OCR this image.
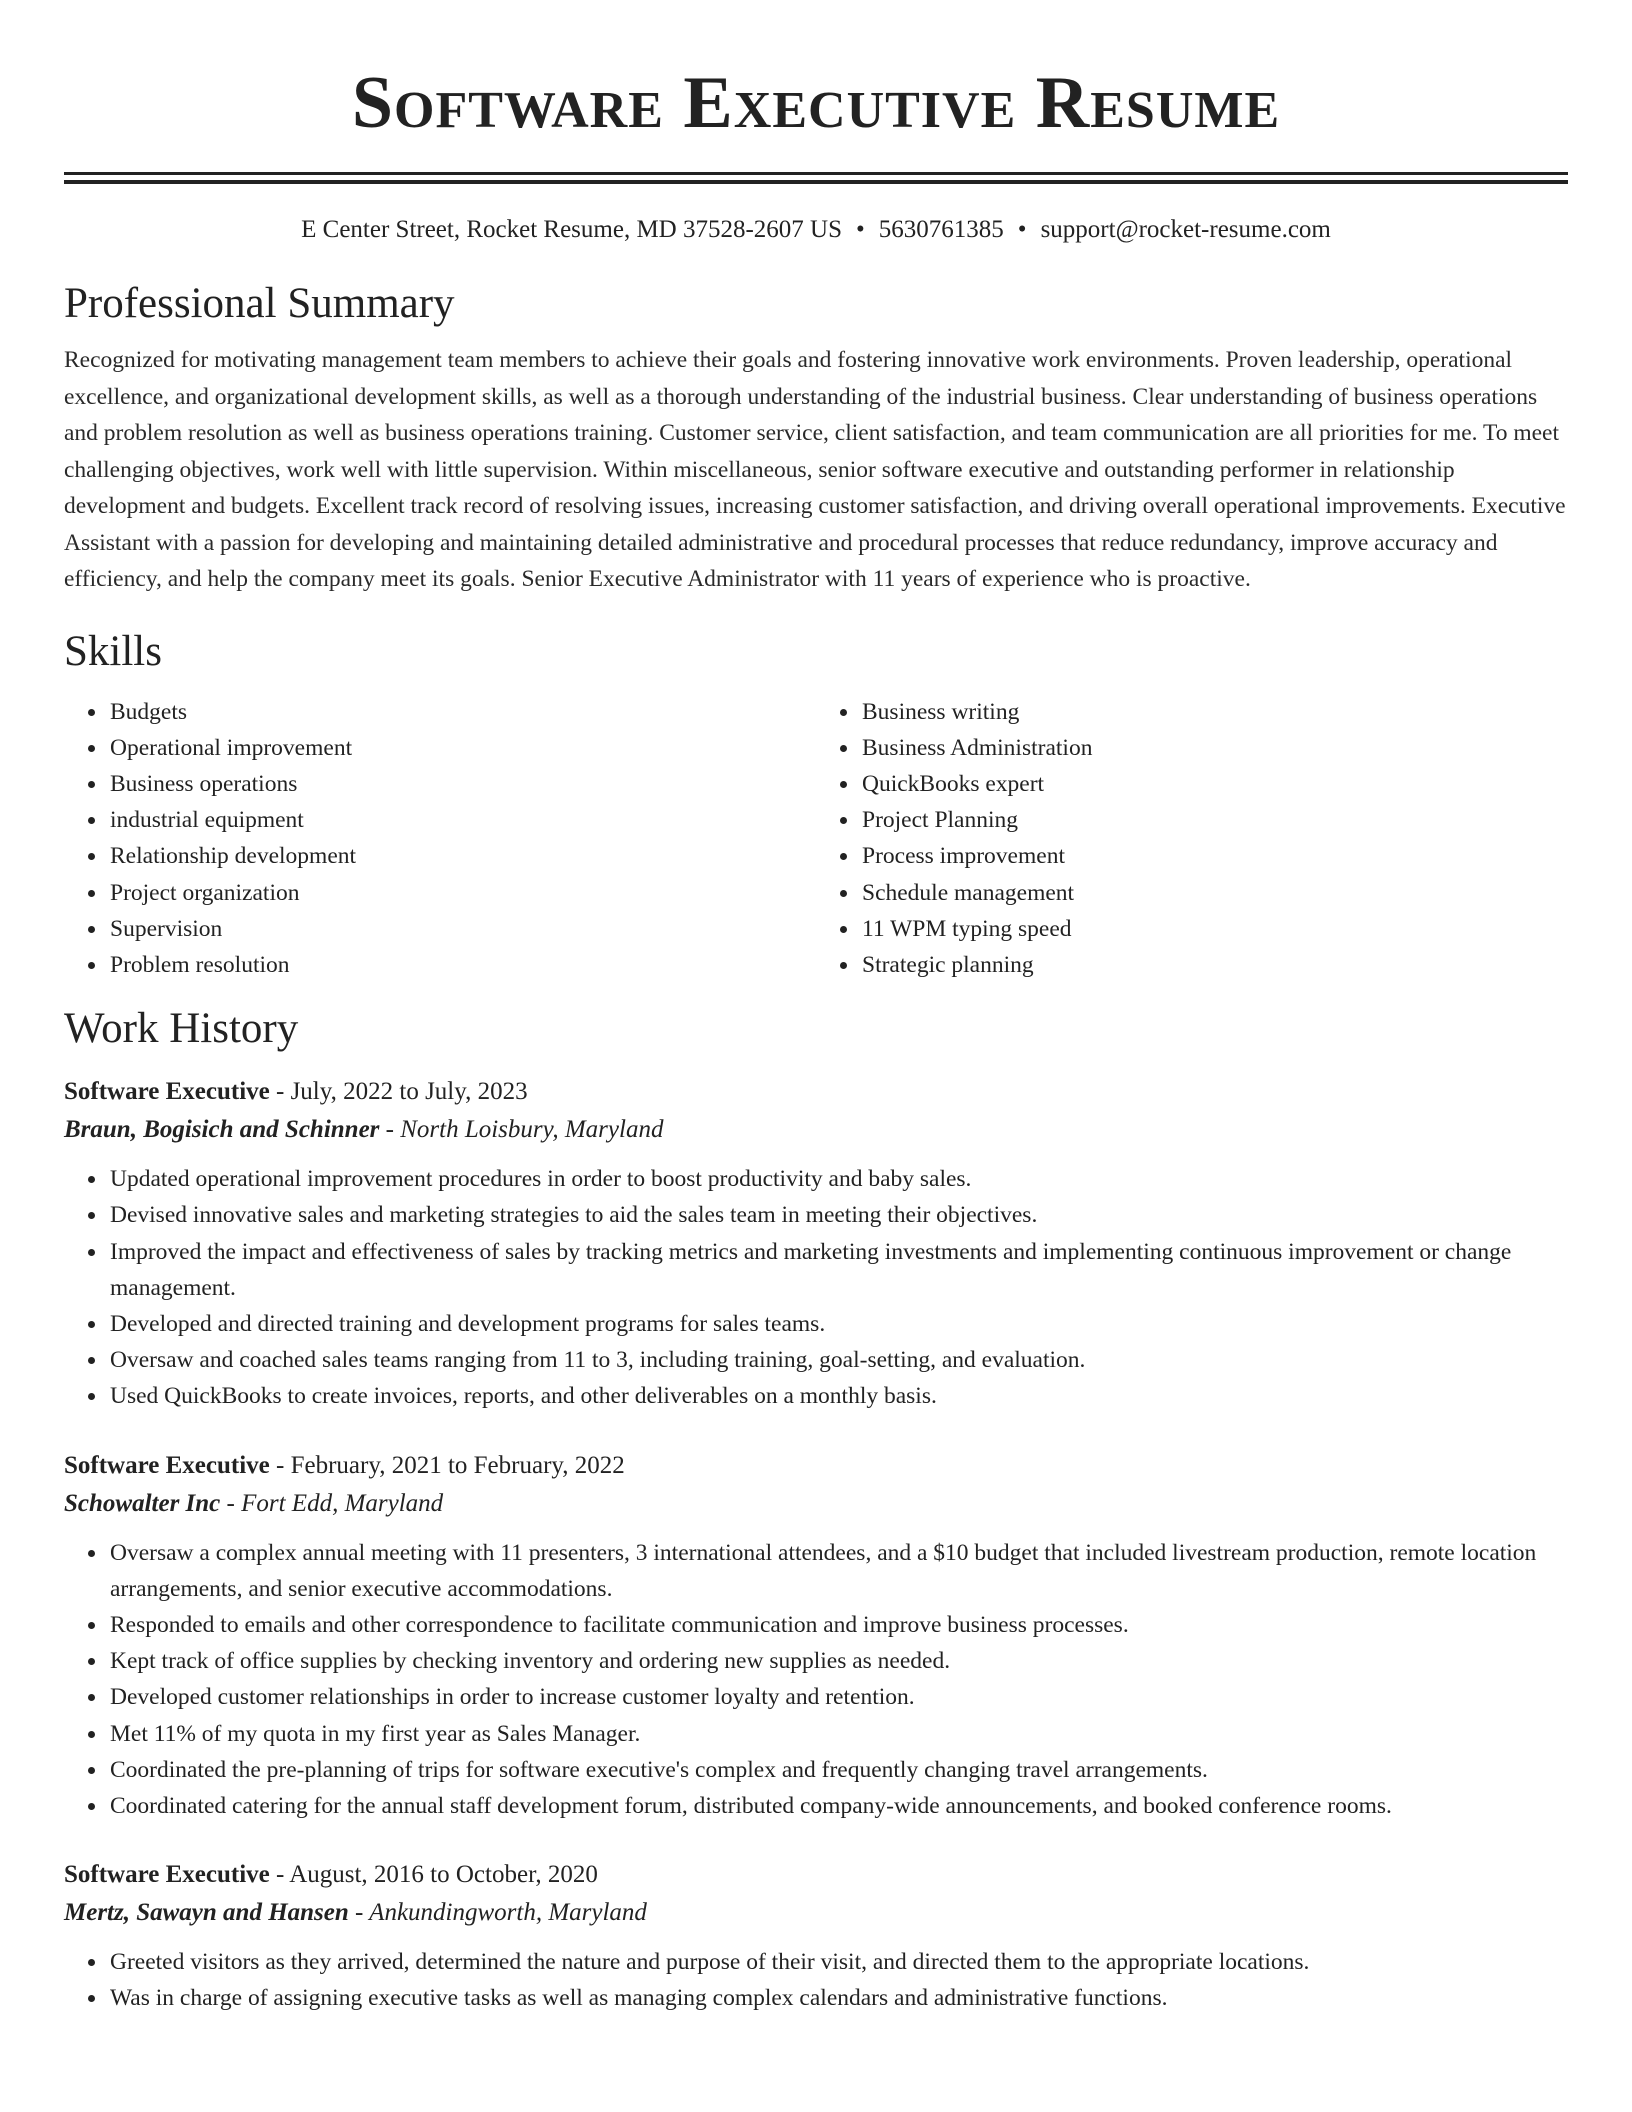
Software Executive Resume
E Center Street, Rocket Resume, MD 37528-2607 US • 5630761385 • support@rocket-resume.com
Professional Summary

Recognized for motivating management team members to achieve their goals and fostering innovative work environments. Proven leadership, operational excellence, and organizational development skills, as well as a thorough understanding of the industrial business. Clear understanding of business operations and problem resolution as well as business operations training. Customer service, client satisfaction, and team communication are all priorities for me. To meet challenging objectives, work well with little supervision. Within miscellaneous, senior software executive and outstanding performer in relationship development and budgets. Excellent track record of resolving issues, increasing customer satisfaction, and driving overall operational improvements. Executive Assistant with a passion for developing and maintaining detailed administrative and procedural processes that reduce redundancy, improve accuracy and efficiency, and help the company meet its goals. Senior Executive Administrator with 11 years of experience who is proactive.

Skills
• Budgets
• Operational improvement
• Business operations
• industrial equipment
• Relationship development
• Project organization
• Supervision
• Problem resolution
• Business writing
• Business Administration
• QuickBooks expert
• Project Planning
• Process improvement
• Schedule management
• 11 WPM typing speed
• Strategic planning
Work History
Software Executive - July, 2022 to July, 2023
Braun, Bogisich and Schinner - North Loisbury, Maryland
• Updated operational improvement procedures in order to boost productivity and baby sales.
• Devised innovative sales and marketing strategies to aid the sales team in meeting their objectives.
• Improved the impact and effectiveness of sales by tracking metrics and marketing investments and implementing continuous improvement or change management.
• Developed and directed training and development programs for sales teams.
• Oversaw and coached sales teams ranging from 11 to 3, including training, goal-setting, and evaluation.
• Used QuickBooks to create invoices, reports, and other deliverables on a monthly basis.
Software Executive - February, 2021 to February, 2022
Schowalter Inc - Fort Edd, Maryland
• Oversaw a complex annual meeting with 11 presenters, 3 international attendees, and a $10 budget that included livestream production, remote location arrangements, and senior executive accommodations.
• Responded to emails and other correspondence to facilitate communication and improve business processes.
• Kept track of office supplies by checking inventory and ordering new supplies as needed.
• Developed customer relationships in order to increase customer loyalty and retention.
• Met 11% of my quota in my first year as Sales Manager.
• Coordinated the pre-planning of trips for software executive's complex and frequently changing travel arrangements.
• Coordinated catering for the annual staff development forum, distributed company-wide announcements, and booked conference rooms.
Software Executive - August, 2016 to October, 2020
Mertz, Sawayn and Hansen - Ankundingworth, Maryland
• Greeted visitors as they arrived, determined the nature and purpose of their visit, and directed them to the appropriate locations.
• Was in charge of assigning executive tasks as well as managing complex calendars and administrative functions.
